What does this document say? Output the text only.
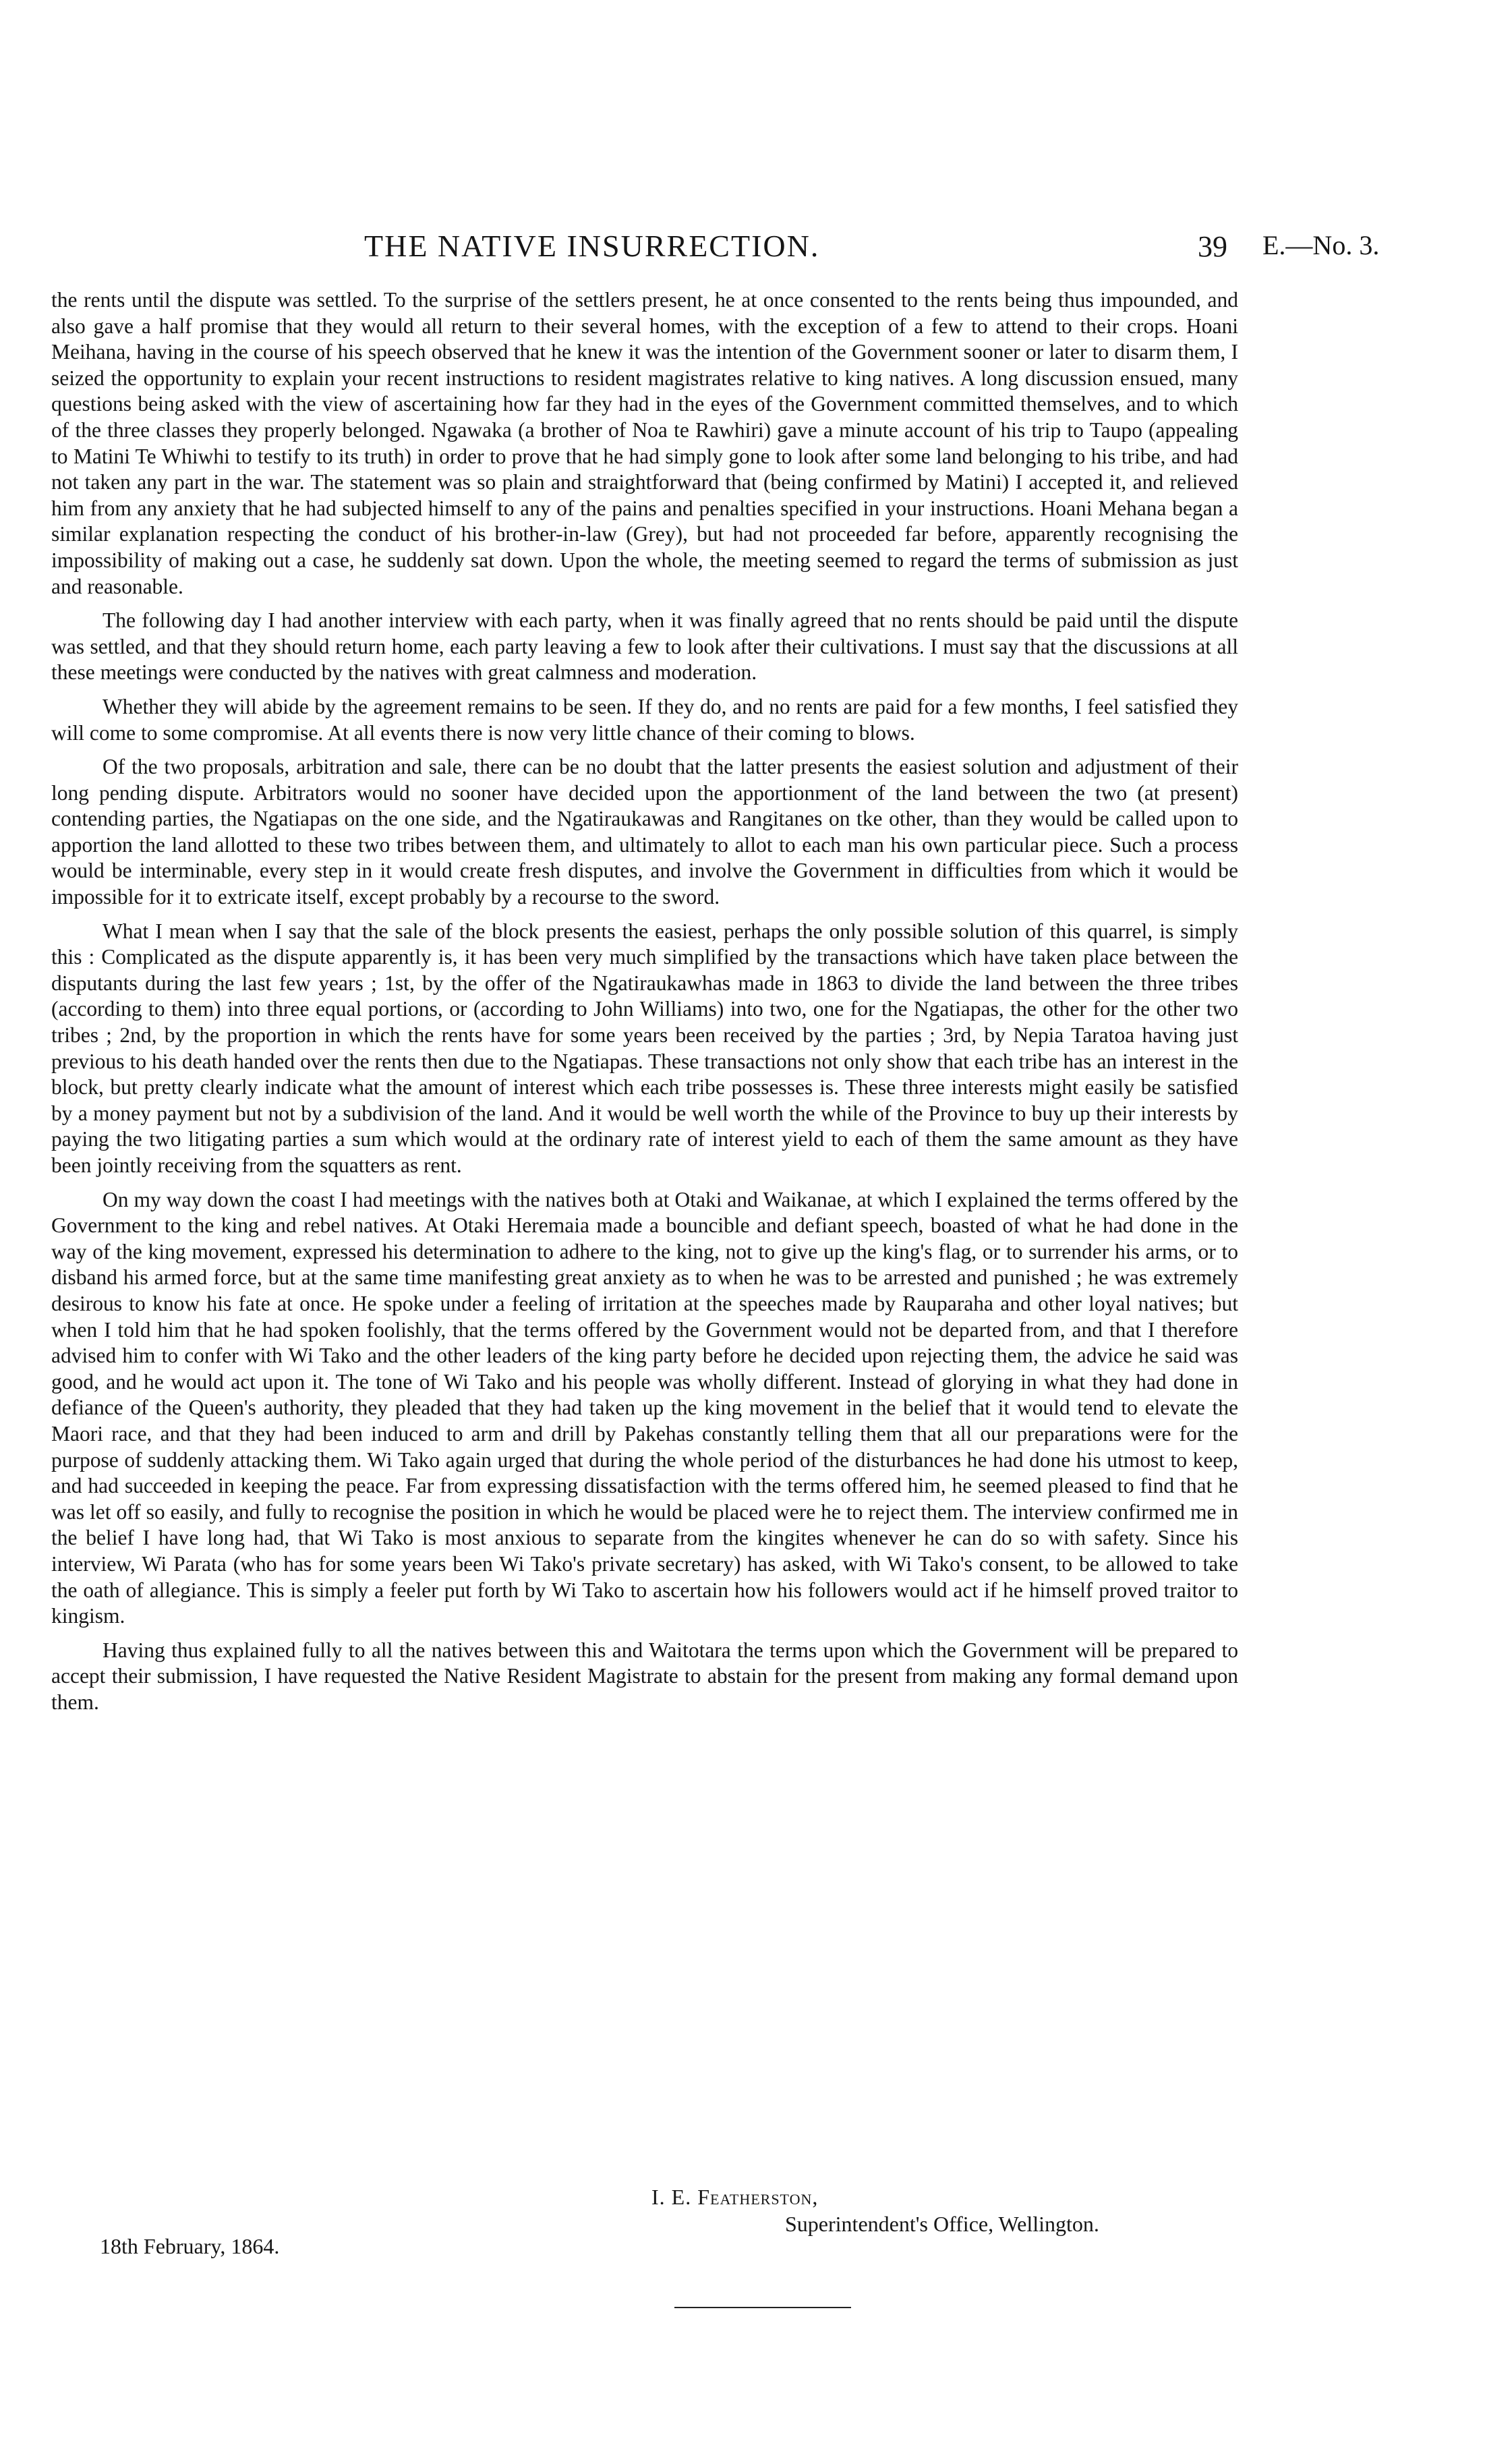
THE NATIVE INSURRECTION.	39 E.—No. 3.

the rents until the dispute was settled. To the surprise of the settlers present, he at once consented to the rents being thus impounded, and also gave a half promise that they would all return to their several homes, with the exception of a few to attend to their crops. Hoani Meihana, having in the course of his speech observed that he knew it was the intention of the Government sooner or later to disarm them, I seized the opportunity to explain your recent instructions to resident magistrates relative to king natives. A long discussion ensued, many questions being asked with the view of ascertaining how far they had in the eyes of the Government committed themselves, and to which of the three classes they properly belonged. Ngawaka (a brother of Noa te Rawhiri) gave a minute account of his trip to Taupo (appealing to Matini Te Whiwhi to testify to its truth) in order to prove that he had simply gone to look after some land belonging to his tribe, and had not taken any part in the war. The statement was so plain and straightforward that (being confirmed by Matini) I accepted it, and relieved him from any anxiety that he had subjected himself to any of the pains and penalties specified in your instructions. Hoani Mehana began a similar explanation respecting the conduct of his brother-in-law (Grey), but had not proceeded far before, apparently recognising the impossibility of making out a case, he suddenly sat down. Upon the whole, the meeting seemed to regard the terms of submission as just and reasonable.

The following day I had another interview with each party, when it was finally agreed that no rents should be paid until the dispute was settled, and that they should return home, each party leaving a few to look after their cultivations. I must say that the discussions at all these meetings were conducted by the natives with great calmness and moderation.

Whether they will abide by the agreement remains to be seen. If they do, and no rents are paid for a few months, I feel satisfied they will come to some compromise. At all events there is now very little chance of their coming to blows.

Of the two proposals, arbitration and sale, there can be no doubt that the latter presents the easiest solution and adjustment of their long pending dispute. Arbitrators would no sooner have decided upon the apportionment of the land between the two (at present) contending parties, the Ngatiapas on the one side, and the Ngatiraukawas and Rangitanes on tke other, than they would be called upon to apportion the land allotted to these two tribes between them, and ultimately to allot to each man his own particular piece. Such a process would be interminable, every step in it would create fresh disputes, and involve the Government in difficulties from which it would be impossible for it to extricate itself, except probably by a recourse to the sword.

What I mean when I say that the sale of the block presents the easiest, perhaps the only possible solution of this quarrel, is simply this : Complicated as the dispute apparently is, it has been very much simplified by the transactions which have taken place between the disputants during the last few years ; 1st, by the offer of the Ngatiraukawhas made in 1863 to divide the land between the three tribes (according to them) into three equal portions, or (according to John Williams) into two, one for the Ngatiapas, the other for the other two tribes ; 2nd, by the proportion in which the rents have for some years been received by the parties ; 3rd, by Nepia Taratoa having just previous to his death handed over the rents then due to the Ngatiapas. These transactions not only show that each tribe has an interest in the block, but pretty clearly indicate what the amount of interest which each tribe possesses is. These three interests might easily be satisfied by a money payment but not by a subdivision of the land. And it would be well worth the while of the Province to buy up their interests by paying the two litigating parties a sum which would at the ordinary rate of interest yield to each of them the same amount as they have been jointly receiving from the squatters as rent.

On my way down the coast I had meetings with the natives both at Otaki and Waikanae, at which I explained the terms offered by the Government to the king and rebel natives. At Otaki Heremaia made a bouncible and defiant speech, boasted of what he had done in the way of the king movement, expressed his determination to adhere to the king, not to give up the king's flag, or to surrender his arms, or to disband his armed force, but at the same time manifesting great anxiety as to when he was to be arrested and punished ; he was extremely desirous to know his fate at once. He spoke under a feeling of irritation at the speeches made by Rauparaha and other loyal natives; but when I told him that he had spoken foolishly, that the terms offered by the Government would not be departed from, and that I therefore advised him to confer with Wi Tako and the other leaders of the king party before he decided upon rejecting them, the advice he said was good, and he would act upon it. The tone of Wi Tako and his people was wholly different. Instead of glorying in what they had done in defiance of the Queen's authority, they pleaded that they had taken up the king movement in the belief that it would tend to elevate the Maori race, and that they had been induced to arm and drill by Pakehas constantly telling them that all our preparations were for the purpose of suddenly attacking them. Wi Tako again urged that during the whole period of the disturbances he had done his utmost to keep, and had succeeded in keeping the peace. Far from expressing dissatisfaction with the terms offered him, he seemed pleased to find that he was let off so easily, and fully to recognise the position in which he would be placed were he to reject them. The interview confirmed me in the belief I have long had, that Wi Tako is most anxious to separate from the kingites whenever he can do so with safety. Since his interview, Wi Parata (who has for some years been Wi Tako's private secretary) has asked, with Wi Tako's consent, to be allowed to take the oath of allegiance. This is simply a feeler put forth by Wi Tako to ascertain how his followers would act if he himself proved traitor to kingism.

Having thus explained fully to all the natives between this and Waitotara the terms upon which the Government will be prepared to accept their submission, I have requested the Native Resident Magistrate to abstain for the present from making any formal demand upon them.

I. E. Featherston,
Superintendent's Office, Wellington.
18th February, 1864.
